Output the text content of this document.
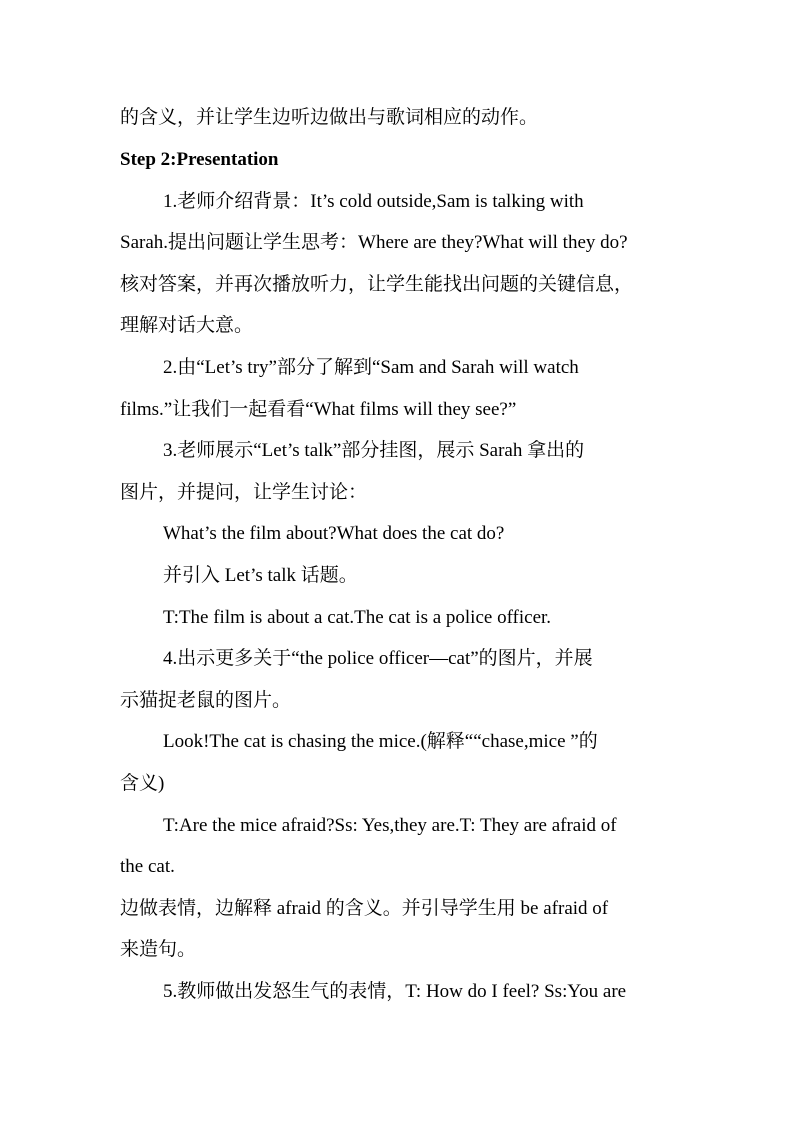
的含义，并让学生边听边做出与歌词相应的动作。
Step 2:Presentation
1.老师介绍背景：It’s cold outside,Sam is talking with
Sarah.提出问题让学生思考：Where are they?What will they do?
核对答案，并再次播放听力，让学生能找出问题的关键信息，
理解对话大意。
2.由“Let’s try”部分了解到“Sam and Sarah will watch
films.”让我们一起看看“What films will they see?”
3.老师展示“Let’s talk”部分挂图，展示 Sarah 拿出的
图片，并提问，让学生讨论：
What’s the film about?What does the cat do?
并引入 Let’s talk 话题。
T:The film is about a cat.The cat is a police officer.
4.出示更多关于“the police officer—cat”的图片，并展
示猫捉老鼠的图片。
Look!The cat is chasing the mice.(解释““chase,mice ”的
含义)
T:Are the mice afraid?Ss: Yes,they are.T: They are afraid of
the cat.
边做表情，边解释 afraid 的含义。并引导学生用 be afraid of
来造句。
5.教师做出发怒生气的表情，T: How do I feel? Ss:You are
